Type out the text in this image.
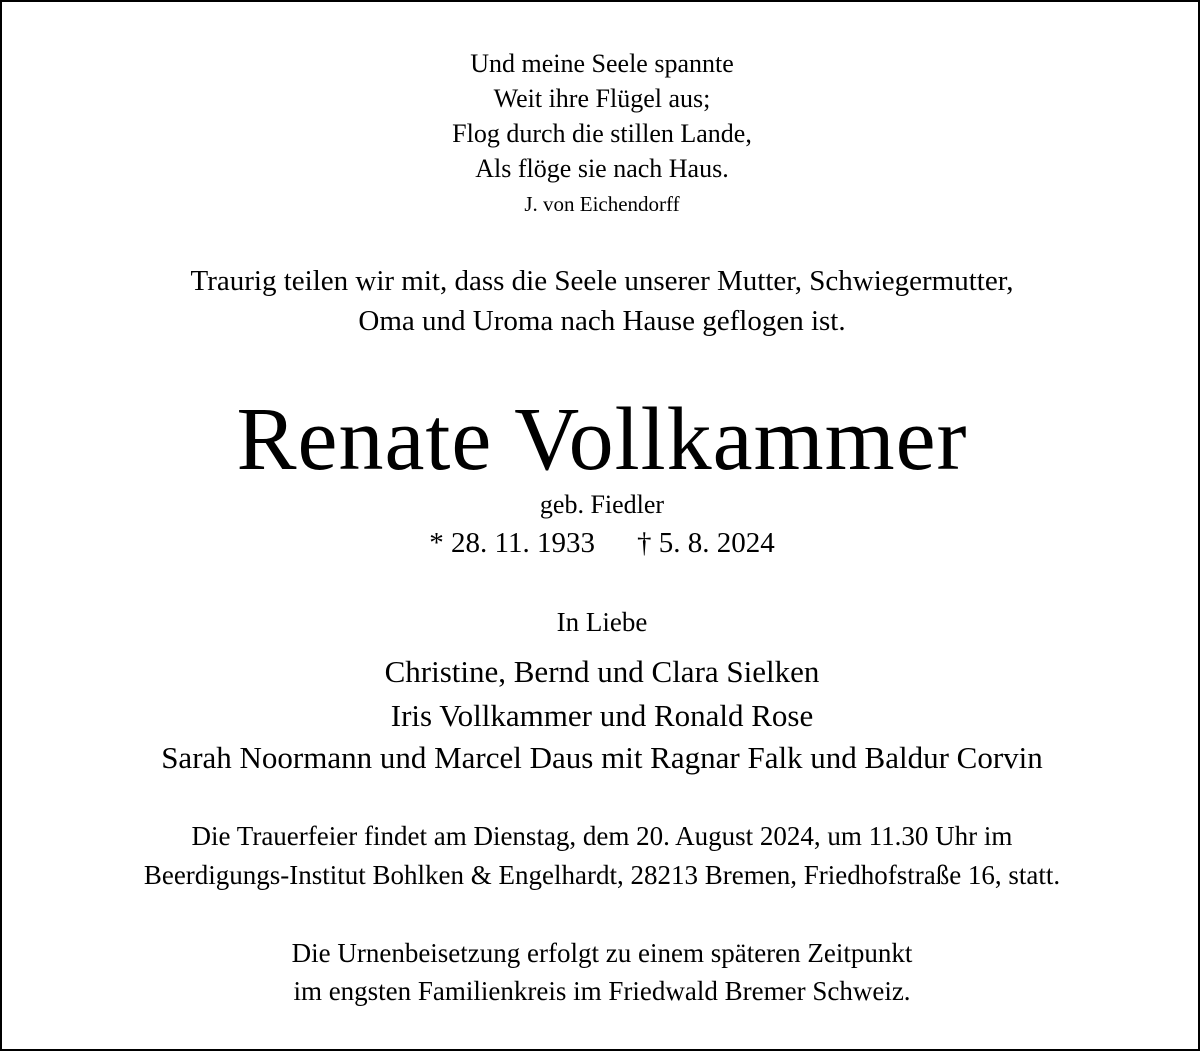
Und meine Seele spannte
Weit ihre Flügel aus;
Flog durch die stillen Lande,
Als flöge sie nach Haus.
J. von Eichendorff
Traurig teilen wir mit, dass die Seele unserer Mutter, Schwiegermutter,
Oma und Uroma nach Hause geflogen ist.
Renate Vollkammer
geb. Fiedler
* 28. 11. 1933 † 5. 8. 2024
In Liebe
Christine, Bernd und Clara Sielken
Iris Vollkammer und Ronald Rose
Sarah Noormann und Marcel Daus mit Ragnar Falk und Baldur Corvin
Die Trauerfeier findet am Dienstag, dem 20. August 2024, um 11.30 Uhr im
Beerdigungs-Institut Bohlken & Engelhardt, 28213 Bremen, Friedhofstraße 16, statt.
Die Urnenbeisetzung erfolgt zu einem späteren Zeitpunkt
im engsten Familienkreis im Friedwald Bremer Schweiz.
